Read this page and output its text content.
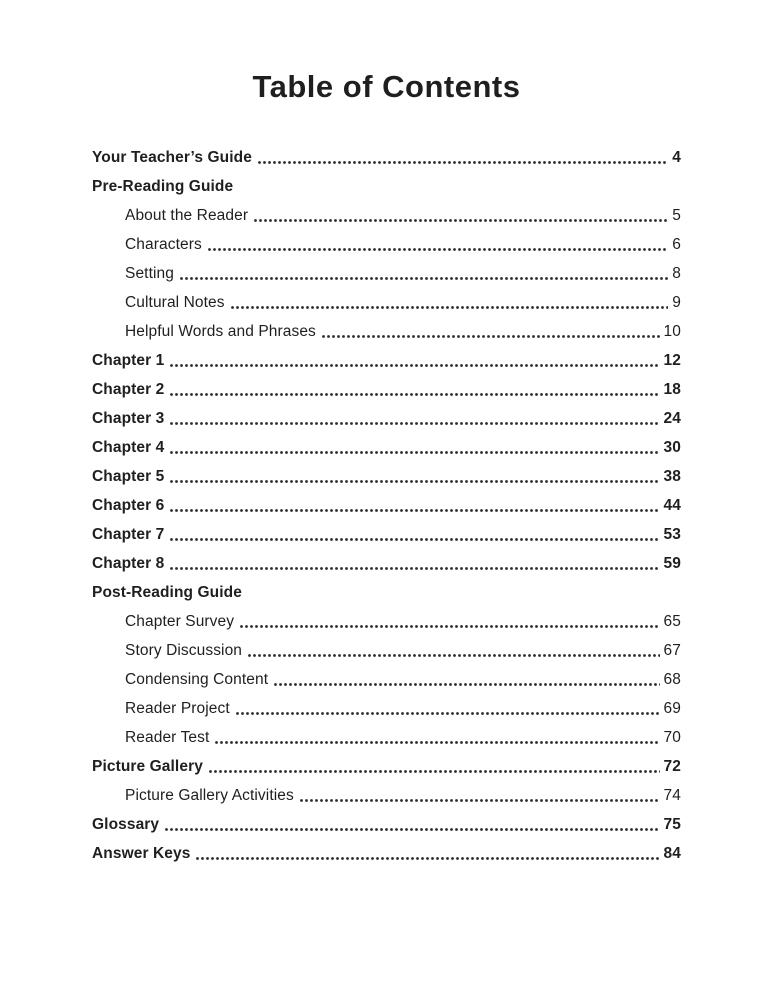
Table of Contents
Your Teacher’s Guide	4
Pre-Reading Guide
About the Reader	5
Characters	6
Setting	8
Cultural Notes	9
Helpful Words and Phrases	10
Chapter 1	12
Chapter 2	18
Chapter 3	24
Chapter 4	30
Chapter 5	38
Chapter 6	44
Chapter 7	53
Chapter 8	59
Post-Reading Guide
Chapter Survey	65
Story Discussion	67
Condensing Content	68
Reader Project	69
Reader Test	70
Picture Gallery	72
Picture Gallery Activities	74
Glossary	75
Answer Keys	84
